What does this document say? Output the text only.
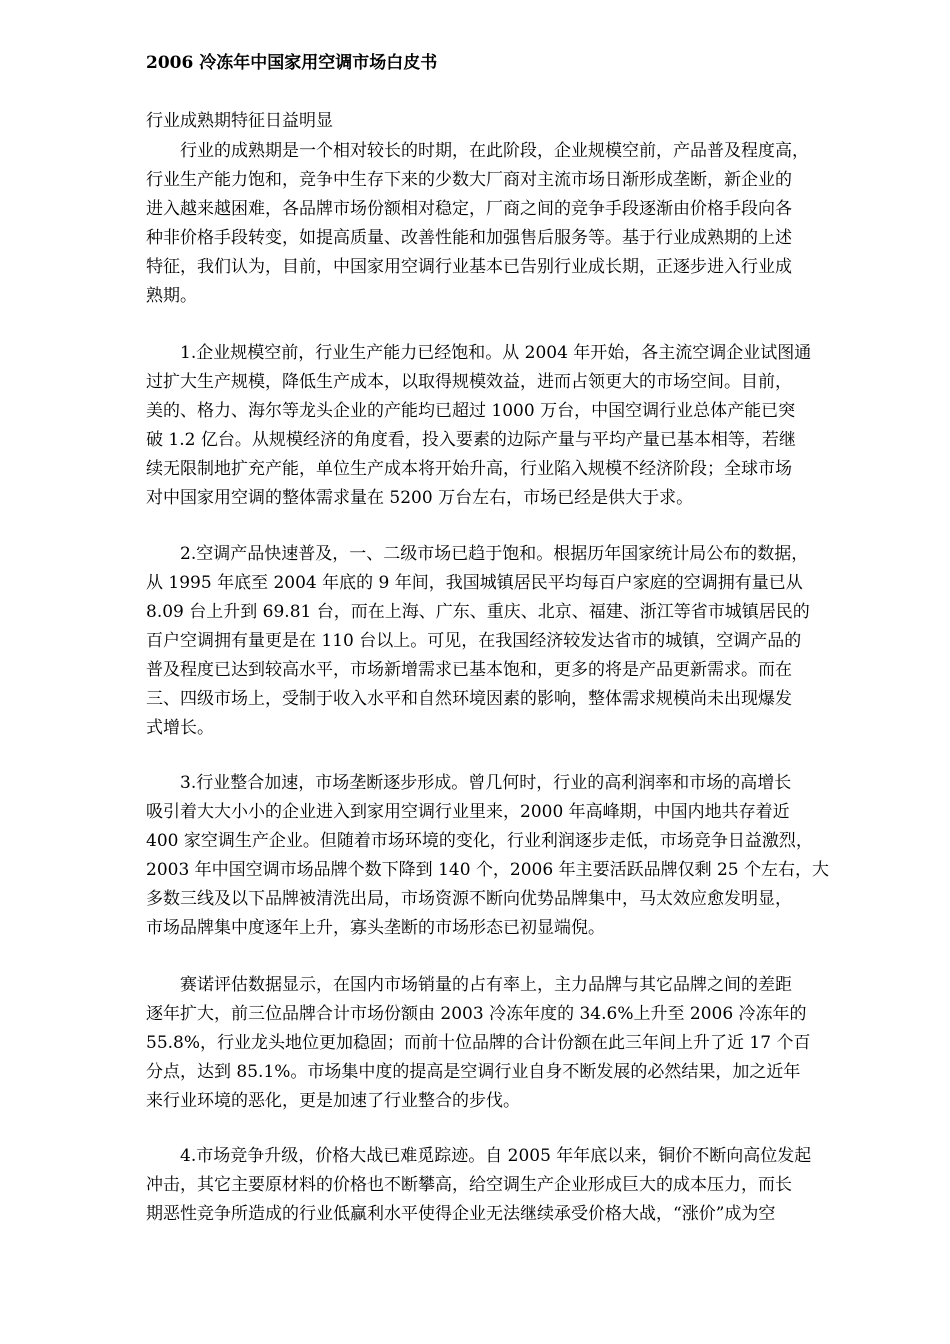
2006 冷冻年中国家用空调市场白皮书
行业成熟期特征日益明显
　　行业的成熟期是一个相对较长的时期，在此阶段，企业规模空前，产品普及程度高，
行业生产能力饱和，竞争中生存下来的少数大厂商对主流市场日渐形成垄断，新企业的
进入越来越困难，各品牌市场份额相对稳定，厂商之间的竞争手段逐渐由价格手段向各
种非价格手段转变，如提高质量、改善性能和加强售后服务等。基于行业成熟期的上述
特征，我们认为，目前，中国家用空调行业基本已告别行业成长期，正逐步进入行业成
熟期。
　　1.企业规模空前，行业生产能力已经饱和。从 2004 年开始，各主流空调企业试图通
过扩大生产规模，降低生产成本，以取得规模效益，进而占领更大的市场空间。目前，
美的、格力、海尔等龙头企业的产能均已超过 1000 万台，中国空调行业总体产能已突
破 1.2 亿台。从规模经济的角度看，投入要素的边际产量与平均产量已基本相等，若继
续无限制地扩充产能，单位生产成本将开始升高，行业陷入规模不经济阶段；全球市场
对中国家用空调的整体需求量在 5200 万台左右，市场已经是供大于求。
　　2.空调产品快速普及，一、二级市场已趋于饱和。根据历年国家统计局公布的数据，
从 1995 年底至 2004 年底的 9 年间，我国城镇居民平均每百户家庭的空调拥有量已从
8.09 台上升到 69.81 台，而在上海、广东、重庆、北京、福建、浙江等省市城镇居民的
百户空调拥有量更是在 110 台以上。可见，在我国经济较发达省市的城镇，空调产品的
普及程度已达到较高水平，市场新增需求已基本饱和，更多的将是产品更新需求。而在
三、四级市场上，受制于收入水平和自然环境因素的影响，整体需求规模尚未出现爆发
式增长。
　　3.行业整合加速，市场垄断逐步形成。曾几何时，行业的高利润率和市场的高增长
吸引着大大小小的企业进入到家用空调行业里来，2000 年高峰期，中国内地共存着近
400 家空调生产企业。但随着市场环境的变化，行业利润逐步走低，市场竞争日益激烈，
2003 年中国空调市场品牌个数下降到 140 个，2006 年主要活跃品牌仅剩 25 个左右，大
多数三线及以下品牌被清洗出局，市场资源不断向优势品牌集中，马太效应愈发明显，
市场品牌集中度逐年上升，寡头垄断的市场形态已初显端倪。
　　赛诺评估数据显示，在国内市场销量的占有率上，主力品牌与其它品牌之间的差距
逐年扩大，前三位品牌合计市场份额由 2003 冷冻年度的 34.6%上升至 2006 冷冻年的
55.8%，行业龙头地位更加稳固；而前十位品牌的合计份额在此三年间上升了近 17 个百
分点，达到 85.1%。市场集中度的提高是空调行业自身不断发展的必然结果，加之近年
来行业环境的恶化，更是加速了行业整合的步伐。
　　4.市场竞争升级，价格大战已难觅踪迹。自 2005 年年底以来，铜价不断向高位发起
冲击，其它主要原材料的价格也不断攀高，给空调生产企业形成巨大的成本压力，而长
期恶性竞争所造成的行业低赢利水平使得企业无法继续承受价格大战，“涨价”成为空
